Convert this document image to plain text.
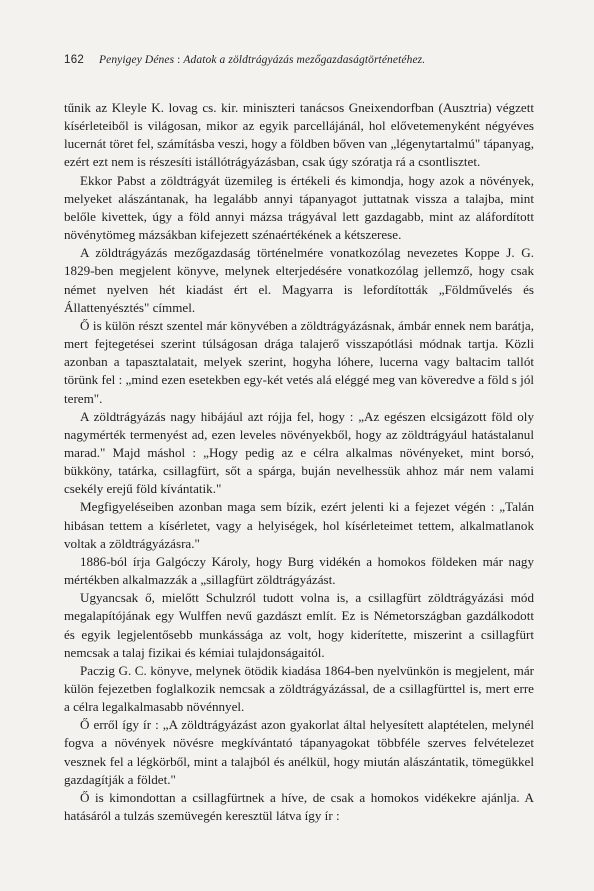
162 Penyigey Dénes : Adatok a zöldtrágyázás mezőgazdaságtörténetéhez.

tűnik az Kleyle K. lovag cs. kir. miniszteri tanácsos Gneixendorfban (Ausztria) végzett kísérleteiből is világosan, mikor az egyik parcellájánál, hol elővetemenyként négyéves lucernát töret fel, számításba veszi, hogy a földben bőven van „légenytartalmú" tápanyag, ezért ezt nem is részesíti istállótrágyázásban, csak úgy szóratja rá a csontlisztet.

Ekkor Pabst a zöldtrágyát üzemileg is értékeli és kimondja, hogy azok a növények, melyeket alászántanak, ha legalább annyi tápanyagot juttatnak vissza a talajba, mint belőle kivettek, úgy a föld annyi mázsa trágyával lett gazdagabb, mint az aláfordított növénytömeg mázsákban kifejezett szénaértékének a kétszerese.

A zöldtrágyázás mezőgazdaság történelmére vonatkozólag nevezetes Koppe J. G. 1829-ben megjelent könyve, melynek elterjedésére vonatkozólag jellemző, hogy csak német nyelven hét kiadást ért el. Magyarra is lefordították „Földművelés és Állattenyésztés" címmel.

Ő is külön részt szentel már könyvében a zöldtrágyázásnak, ámbár ennek nem barátja, mert fejtegetései szerint túlságosan drága talajerő visszapótlási módnak tartja. Közli azonban a tapasztalatait, melyek szerint, hogyha lóhere, lucerna vagy baltacim tallót törünk fel : „mind ezen esetekben egy-két vetés alá eléggé meg van köveredve a föld s jól terem".

A zöldtrágyázás nagy hibájául azt rójja fel, hogy : „Az egészen elcsigázott föld oly nagymérték termenyést ad, ezen leveles növényekből, hogy az zöldtrágyául hatástalanul marad." Majd máshol : „Hogy pedig az e célra alkalmas növényeket, mint borsó, bükköny, tatárka, csillagfürt, sőt a spárga, buján nevelhessük ahhoz már nem valami csekély erejű föld kívántatik."

Megfigyeléseiben azonban maga sem bízik, ezért jelenti ki a fejezet végén : „Talán hibásan tettem a kísérletet, vagy a helyiségek, hol kísérleteimet tettem, alkalmatlanok voltak a zöldtrágyázásra."

1886-ból írja Galgóczy Károly, hogy Burg vidékén a homokos földeken már nagy mértékben alkalmazzák a „sillagfürt zöldtrágyázást.

Ugyancsak ő, mielőtt Schulzról tudott volna is, a csillagfürt zöldtrágyázási mód megalapítójának egy Wulffen nevű gazdászt említ. Ez is Németországban gazdálkodott és egyik legjelentősebb munkássága az volt, hogy kiderítette, miszerint a csillagfürt nemcsak a talaj fizikai és kémiai tulajdonságaitól.

Paczig G. C. könyve, melynek ötödik kiadása 1864-ben nyelvünkön is megjelent, már külön fejezetben foglalkozik nemcsak a zöldtrágyázással, de a csillagfürttel is, mert erre a célra legalkalmasabb növénnyel.

Ő erről így ír : „A zöldtrágyázást azon gyakorlat által helyesített alaptételen, melynél fogva a növények növésre megkívántató tápanyagokat többféle szerves felvételezet vesznek fel a légkörből, mint a talajból és anélkül, hogy miután alászántatik, tömegükkel gazdagítják a földet."

Ő is kimondottan a csillagfürtnek a híve, de csak a homokos vidékekre ajánlja. A hatásáról a tulzás szemüvegén keresztül látva így ír :
